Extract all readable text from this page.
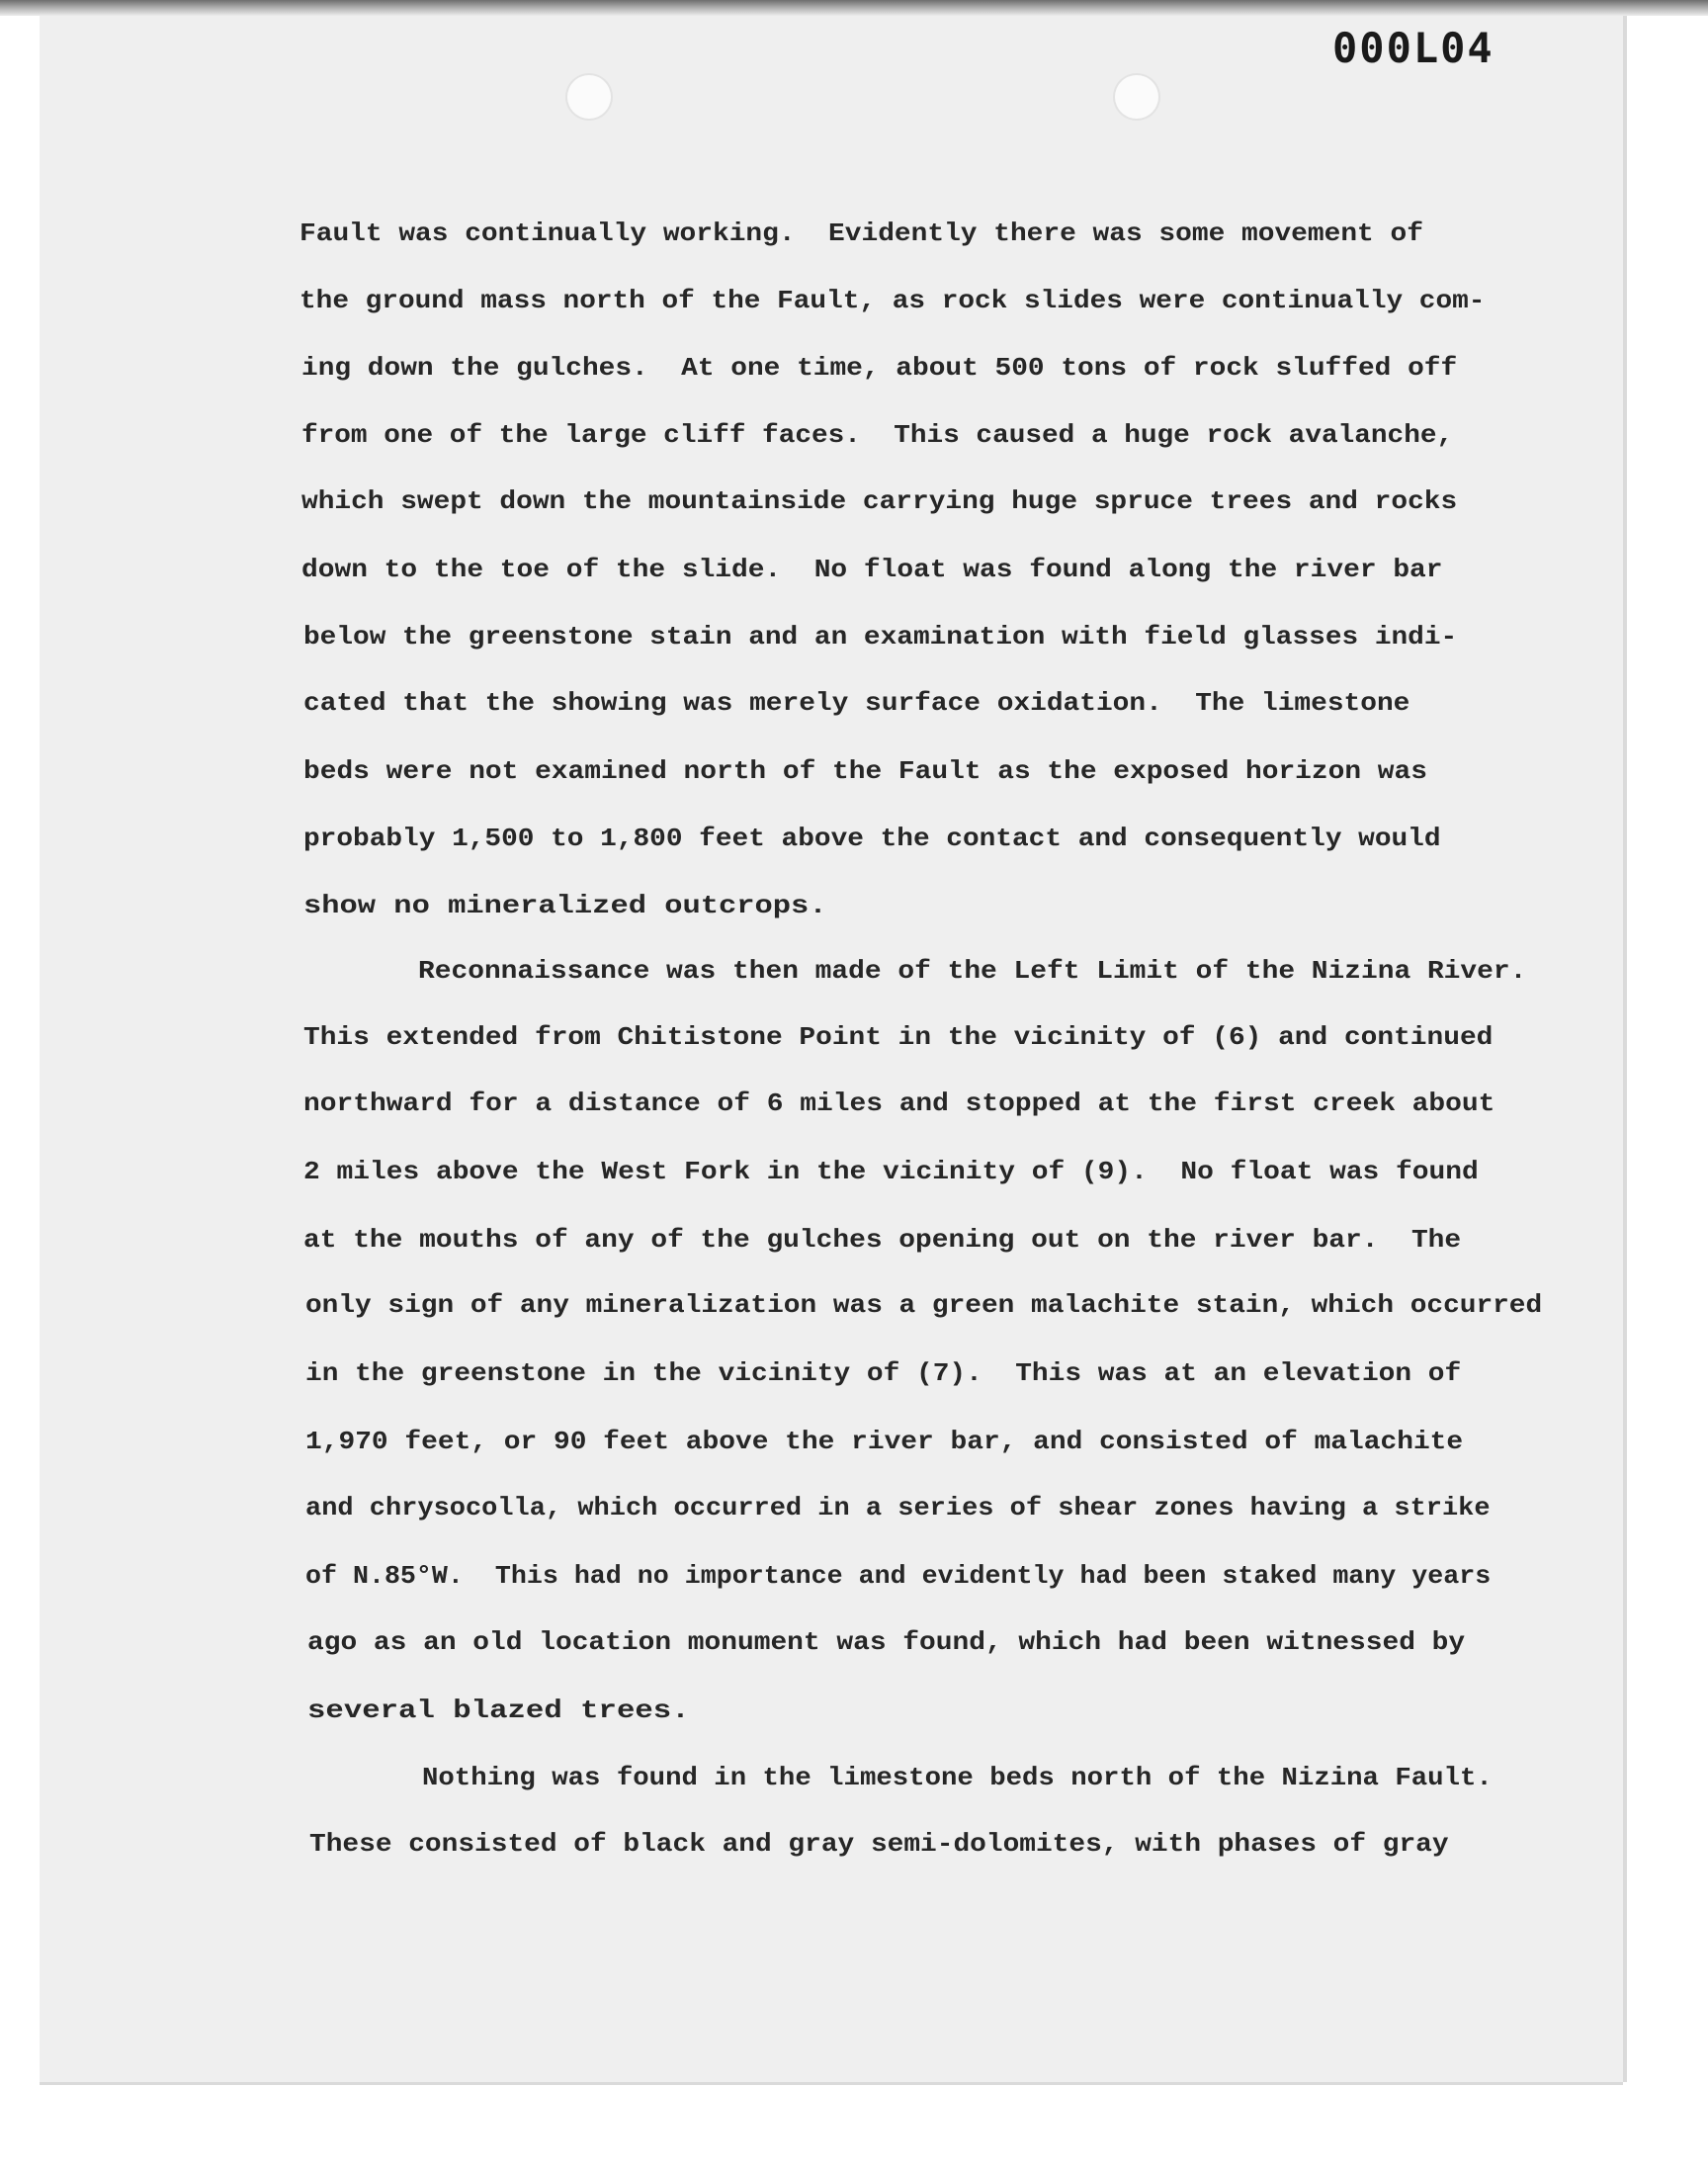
000L04
Fault was continually working.  Evidently there was some movement of
the ground mass north of the Fault, as rock slides were continually com-
ing down the gulches.  At one time, about 500 tons of rock sluffed off
from one of the large cliff faces.  This caused a huge rock avalanche,
which swept down the mountainside carrying huge spruce trees and rocks
down to the toe of the slide.  No float was found along the river bar
below the greenstone stain and an examination with field glasses indi-
cated that the showing was merely surface oxidation.  The limestone
beds were not examined north of the Fault as the exposed horizon was
probably 1,500 to 1,800 feet above the contact and consequently would
show no mineralized outcrops.
Reconnaissance was then made of the Left Limit of the Nizina River.
This extended from Chitistone Point in the vicinity of (6) and continued
northward for a distance of 6 miles and stopped at the first creek about
2 miles above the West Fork in the vicinity of (9).  No float was found
at the mouths of any of the gulches opening out on the river bar.  The
only sign of any mineralization was a green malachite stain, which occurred
in the greenstone in the vicinity of (7).  This was at an elevation of
1,970 feet, or 90 feet above the river bar, and consisted of malachite
and chrysocolla, which occurred in a series of shear zones having a strike
of N.85°W.  This had no importance and evidently had been staked many years
ago as an old location monument was found, which had been witnessed by
several blazed trees.
Nothing was found in the limestone beds north of the Nizina Fault.
These consisted of black and gray semi-dolomites, with phases of gray
